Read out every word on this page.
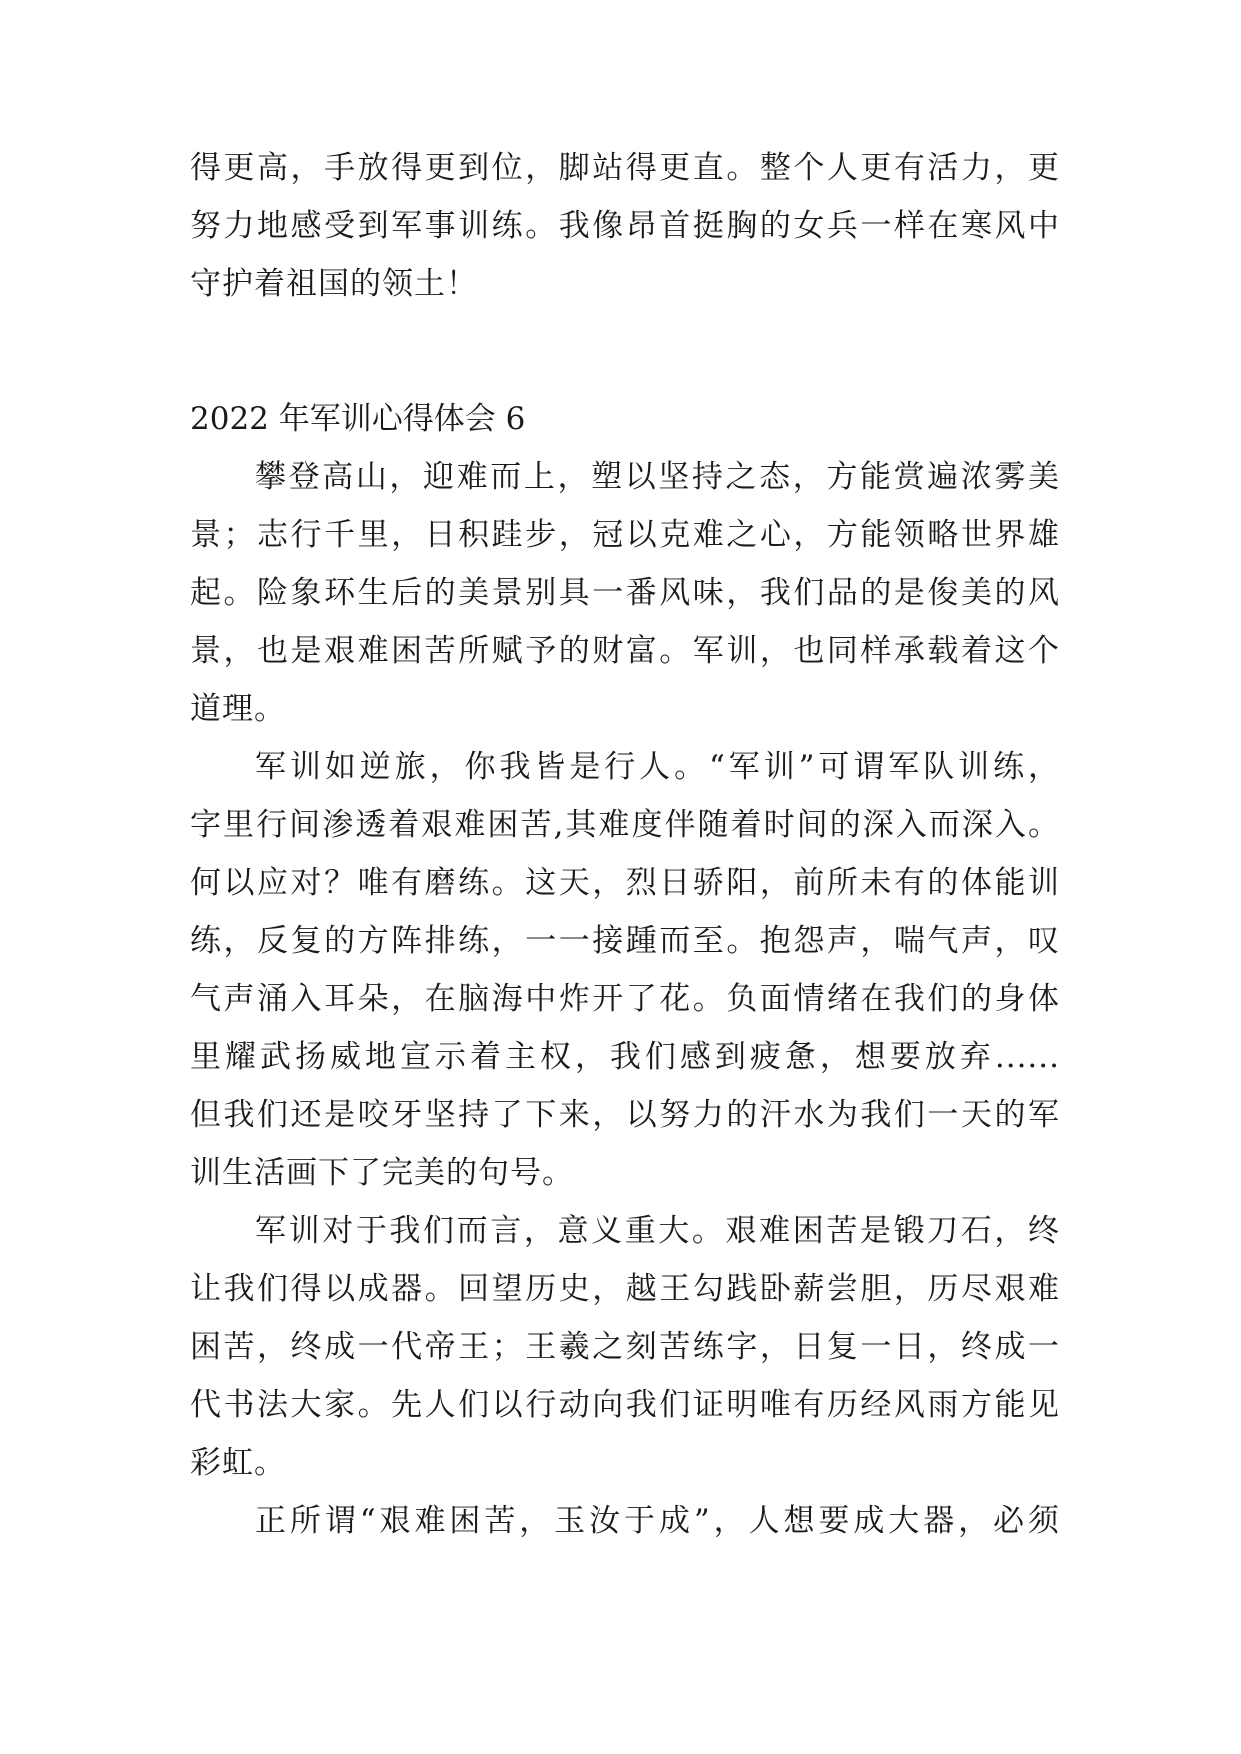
得更高，手放得更到位，脚站得更直。整个人更有活力，更
努力地感受到军事训练。我像昂首挺胸的女兵一样在寒风中
守护着祖国的领土！
2022 年军训心得体会 6
攀登高山，迎难而上，塑以坚持之态，方能赏遍浓雾美
景；志行千里，日积跬步，冠以克难之心，方能领略世界雄
起。险象环生后的美景别具一番风味，我们品的是俊美的风
景，也是艰难困苦所赋予的财富。军训，也同样承载着这个
道理。
军训如逆旅，你我皆是行人。“军训”可谓军队训练，
字里行间渗透着艰难困苦,其难度伴随着时间的深入而深入。
何以应对？唯有磨练。这天，烈日骄阳，前所未有的体能训
练，反复的方阵排练，一一接踵而至。抱怨声，喘气声，叹
气声涌入耳朵，在脑海中炸开了花。负面情绪在我们的身体
里耀武扬威地宣示着主权，我们感到疲惫，想要放弃......
但我们还是咬牙坚持了下来，以努力的汗水为我们一天的军
训生活画下了完美的句号。
军训对于我们而言，意义重大。艰难困苦是锻刀石，终
让我们得以成器。回望历史，越王勾践卧薪尝胆，历尽艰难
困苦，终成一代帝王；王羲之刻苦练字，日复一日，终成一
代书法大家。先人们以行动向我们证明唯有历经风雨方能见
彩虹。
正所谓“艰难困苦，玉汝于成”，人想要成大器，必须
